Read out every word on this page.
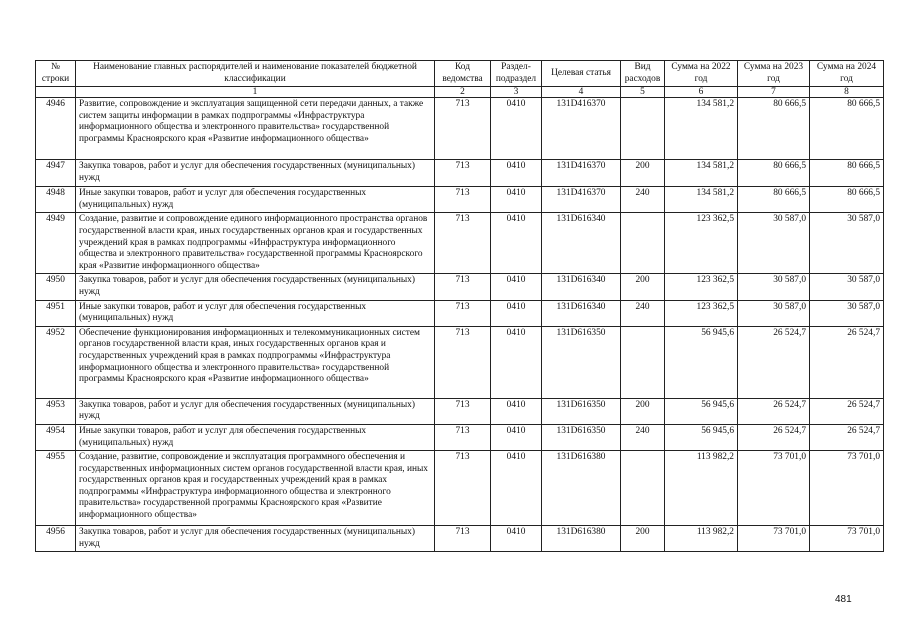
№ строки	Наименование главных распорядителей и наименование показателей бюджетной классификации	Код ведомства	Раздел-подраздел	Целевая статья	Вид расходов	Сумма на 2022 год	Сумма на 2023 год	Сумма на 2024 год
	1	2	3	4	5	6	7	8
4946	Развитие, сопровождение и эксплуатация защищенной сети передачи данных, а также систем защиты информации в рамках подпрограммы «Инфраструктура информационного общества и электронного правительства» государственной программы Красноярского края «Развитие информационного общества»	713	0410	131D416370		134 581,2	80 666,5	80 666,5
4947	Закупка товаров, работ и услуг для обеспечения государственных (муниципальных) нужд	713	0410	131D416370	200	134 581,2	80 666,5	80 666,5
4948	Иные закупки товаров, работ и услуг для обеспечения государственных (муниципальных) нужд	713	0410	131D416370	240	134 581,2	80 666,5	80 666,5
4949	Создание, развитие и сопровождение единого информационного пространства органов государственной власти края, иных государственных органов края и государственных учреждений края в рамках подпрограммы «Инфраструктура информационного общества и электронного правительства» государственной программы Красноярского края «Развитие информационного общества»	713	0410	131D616340		123 362,5	30 587,0	30 587,0
4950	Закупка товаров, работ и услуг для обеспечения государственных (муниципальных) нужд	713	0410	131D616340	200	123 362,5	30 587,0	30 587,0
4951	Иные закупки товаров, работ и услуг для обеспечения государственных (муниципальных) нужд	713	0410	131D616340	240	123 362,5	30 587,0	30 587,0
4952	Обеспечение функционирования информационных и телекоммуникационных систем органов государственной власти края, иных государственных органов края и государственных учреждений края в рамках подпрограммы «Инфраструктура информационного общества и электронного правительства» государственной программы Красноярского края «Развитие информационного общества»	713	0410	131D616350		56 945,6	26 524,7	26 524,7
4953	Закупка товаров, работ и услуг для обеспечения государственных (муниципальных) нужд	713	0410	131D616350	200	56 945,6	26 524,7	26 524,7
4954	Иные закупки товаров, работ и услуг для обеспечения государственных (муниципальных) нужд	713	0410	131D616350	240	56 945,6	26 524,7	26 524,7
4955	Создание, развитие, сопровождение и эксплуатация программного обеспечения и государственных информационных систем органов государственной власти края, иных государственных органов края и государственных учреждений края в рамках подпрограммы «Инфраструктура информационного общества и электронного правительства» государственной программы Красноярского края «Развитие информационного общества»	713	0410	131D616380		113 982,2	73 701,0	73 701,0
4956	Закупка товаров, работ и услуг для обеспечения государственных (муниципальных) нужд	713	0410	131D616380	200	113 982,2	73 701,0	73 701,0
481
